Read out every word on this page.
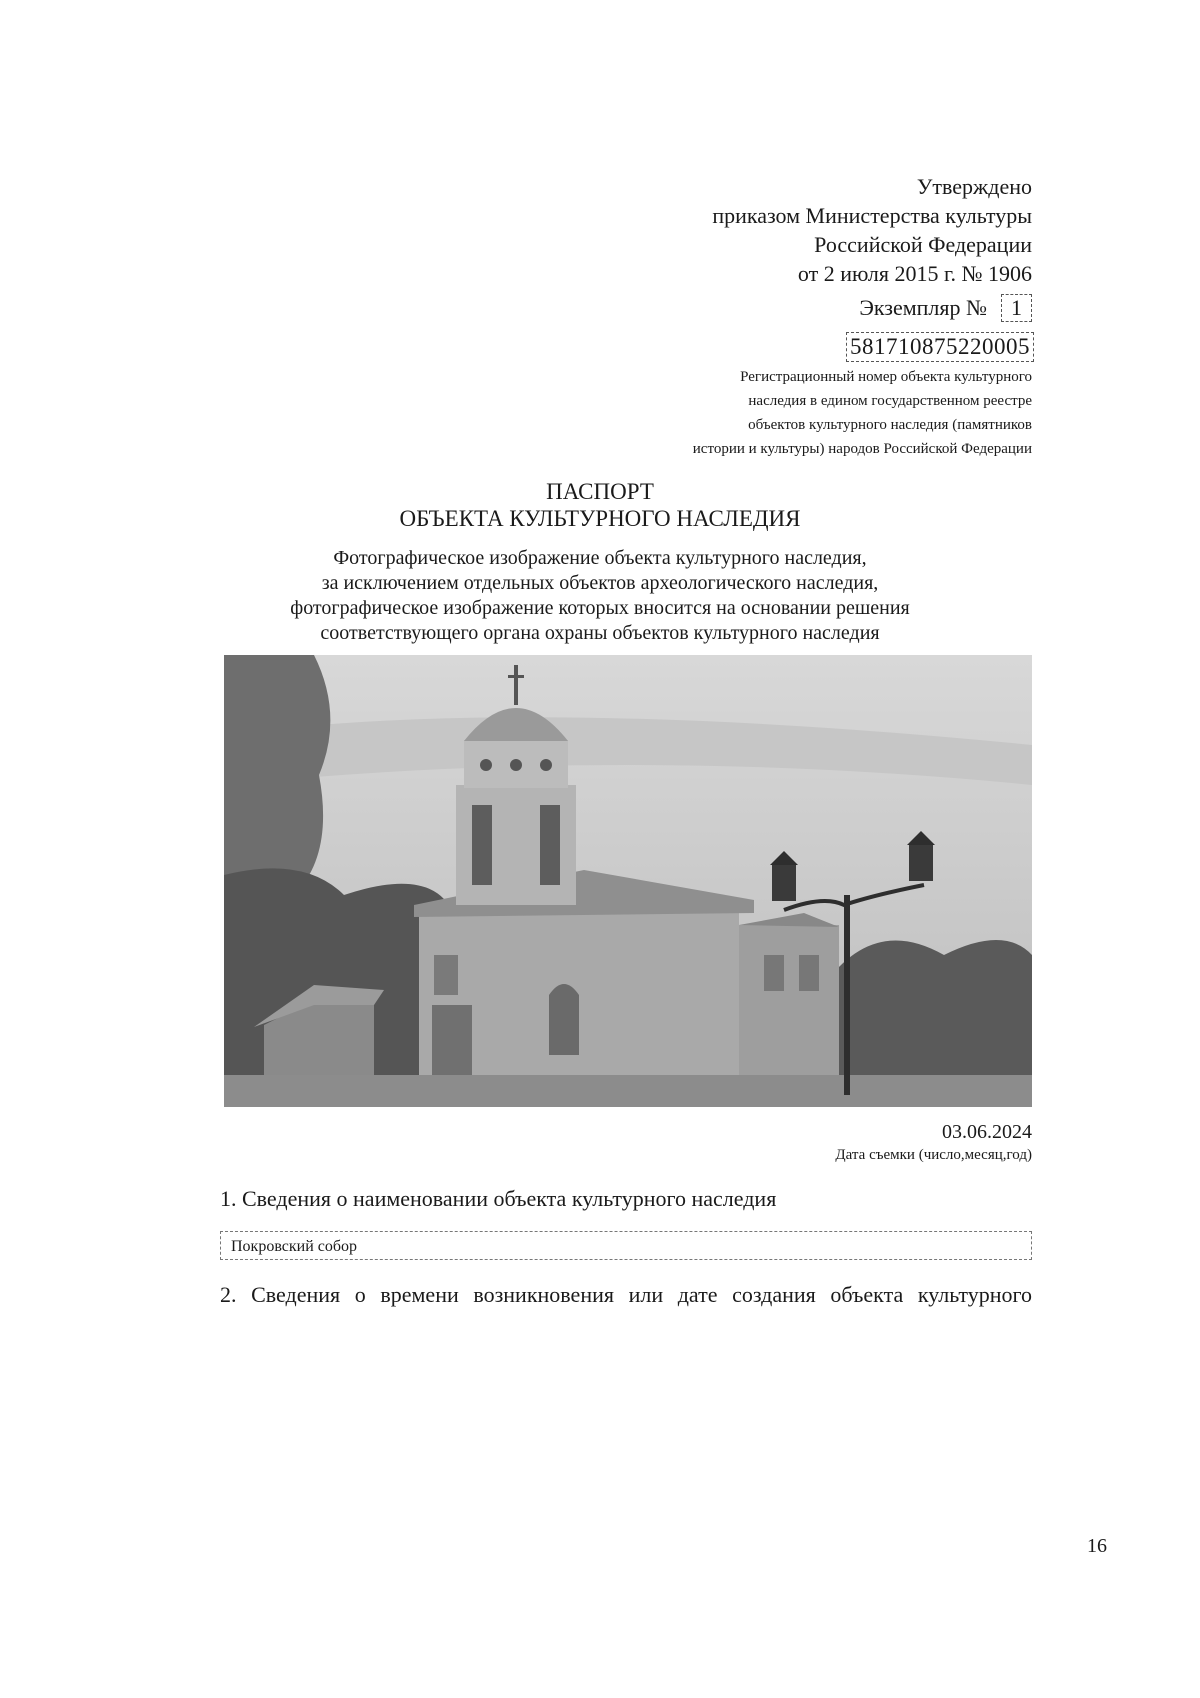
Утверждено
приказом Министерства культуры
Российской Федерации
от 2 июля 2015 г. № 1906
Экземпляр №	1
581710875220005
Регистрационный номер объекта культурного
наследия в едином государственном реестре
объектов культурного наследия (памятников
истории и культуры) народов Российской Федерации
ПАСПОРТ
ОБЪЕКТА КУЛЬТУРНОГО НАСЛЕДИЯ
Фотографическое изображение объекта культурного наследия,
за исключением отдельных объектов археологического наследия,
фотографическое изображение которых вносится на основании решения
соответствующего органа охраны объектов культурного наследия
03.06.2024
Дата съемки (число,месяц,год)
1. Сведения о наименовании объекта культурного наследия
Покровский собор
2. Сведения о времени возникновения или дате создания объекта культурного
16
